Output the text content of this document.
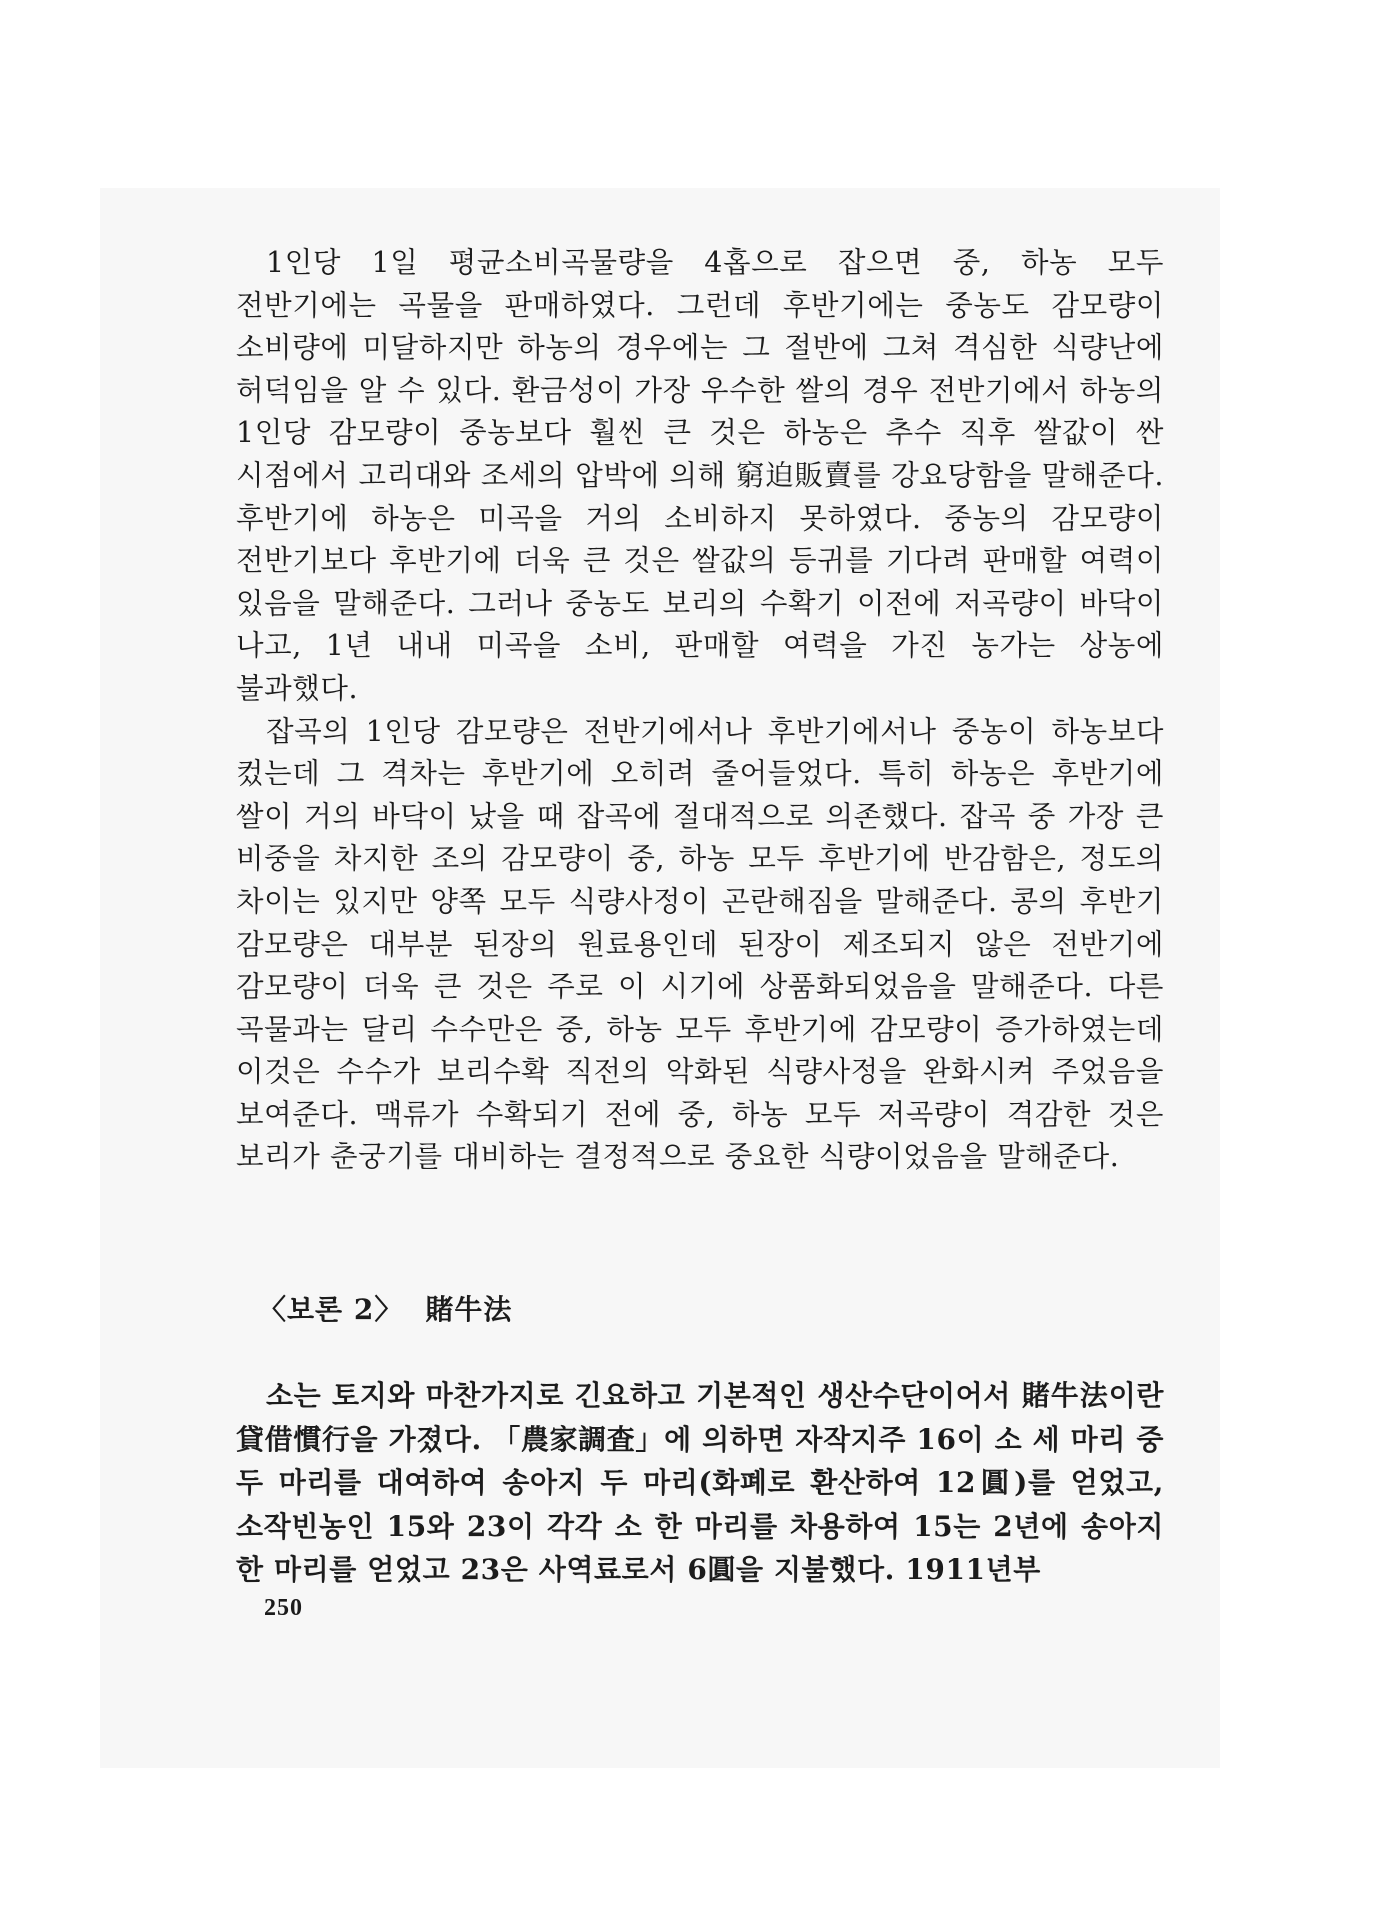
1인당 1일 평균소비곡물량을 4홉으로 잡으면 중, 하농 모두 전반기에는 곡물을 판매하였다. 그런데 후반기에는 중농도 감모량이 소비량에 미달하지만 하농의 경우에는 그 절반에 그쳐 격심한 식량난에 허덕임을 알 수 있다. 환금성이 가장 우수한 쌀의 경우 전반기에서 하농의 1인당 감모량이 중농보다 훨씬 큰 것은 하농은 추수 직후 쌀값이 싼 시점에서 고리대와 조세의 압박에 의해 窮迫販賣를 강요당함을 말해준다. 후반기에 하농은 미곡을 거의 소비하지 못하였다. 중농의 감모량이 전반기보다 후반기에 더욱 큰 것은 쌀값의 등귀를 기다려 판매할 여력이 있음을 말해준다. 그러나 중농도 보리의 수확기 이전에 저곡량이 바닥이 나고, 1년 내내 미곡을 소비, 판매할 여력을 가진 농가는 상농에 불과했다.

잡곡의 1인당 감모량은 전반기에서나 후반기에서나 중농이 하농보다 컸는데 그 격차는 후반기에 오히려 줄어들었다. 특히 하농은 후반기에 쌀이 거의 바닥이 났을 때 잡곡에 절대적으로 의존했다. 잡곡 중 가장 큰 비중을 차지한 조의 감모량이 중, 하농 모두 후반기에 반감함은, 정도의 차이는 있지만 양쪽 모두 식량사정이 곤란해짐을 말해준다. 콩의 후반기 감모량은 대부분 된장의 원료용인데 된장이 제조되지 않은 전반기에 감모량이 더욱 큰 것은 주로 이 시기에 상품화되었음을 말해준다. 다른 곡물과는 달리 수수만은 중, 하농 모두 후반기에 감모량이 증가하였는데 이것은 수수가 보리수확 직전의 악화된 식량사정을 완화시켜 주었음을 보여준다. 맥류가 수확되기 전에 중, 하농 모두 저곡량이 격감한 것은 보리가 춘궁기를 대비하는 결정적으로 중요한 식량이었음을 말해준다.

〈보론 2〉 賭牛法

소는 토지와 마찬가지로 긴요하고 기본적인 생산수단이어서 賭牛法이란 貸借慣行을 가졌다. 「農家調査」에 의하면 자작지주 16이 소 세 마리 중 두 마리를 대여하여 송아지 두 마리(화폐로 환산하여 12圓)를 얻었고, 소작빈농인 15와 23이 각각 소 한 마리를 차용하여 15는 2년에 송아지 한 마리를 얻었고 23은 사역료로서 6圓을 지불했다. 1911년부

250
